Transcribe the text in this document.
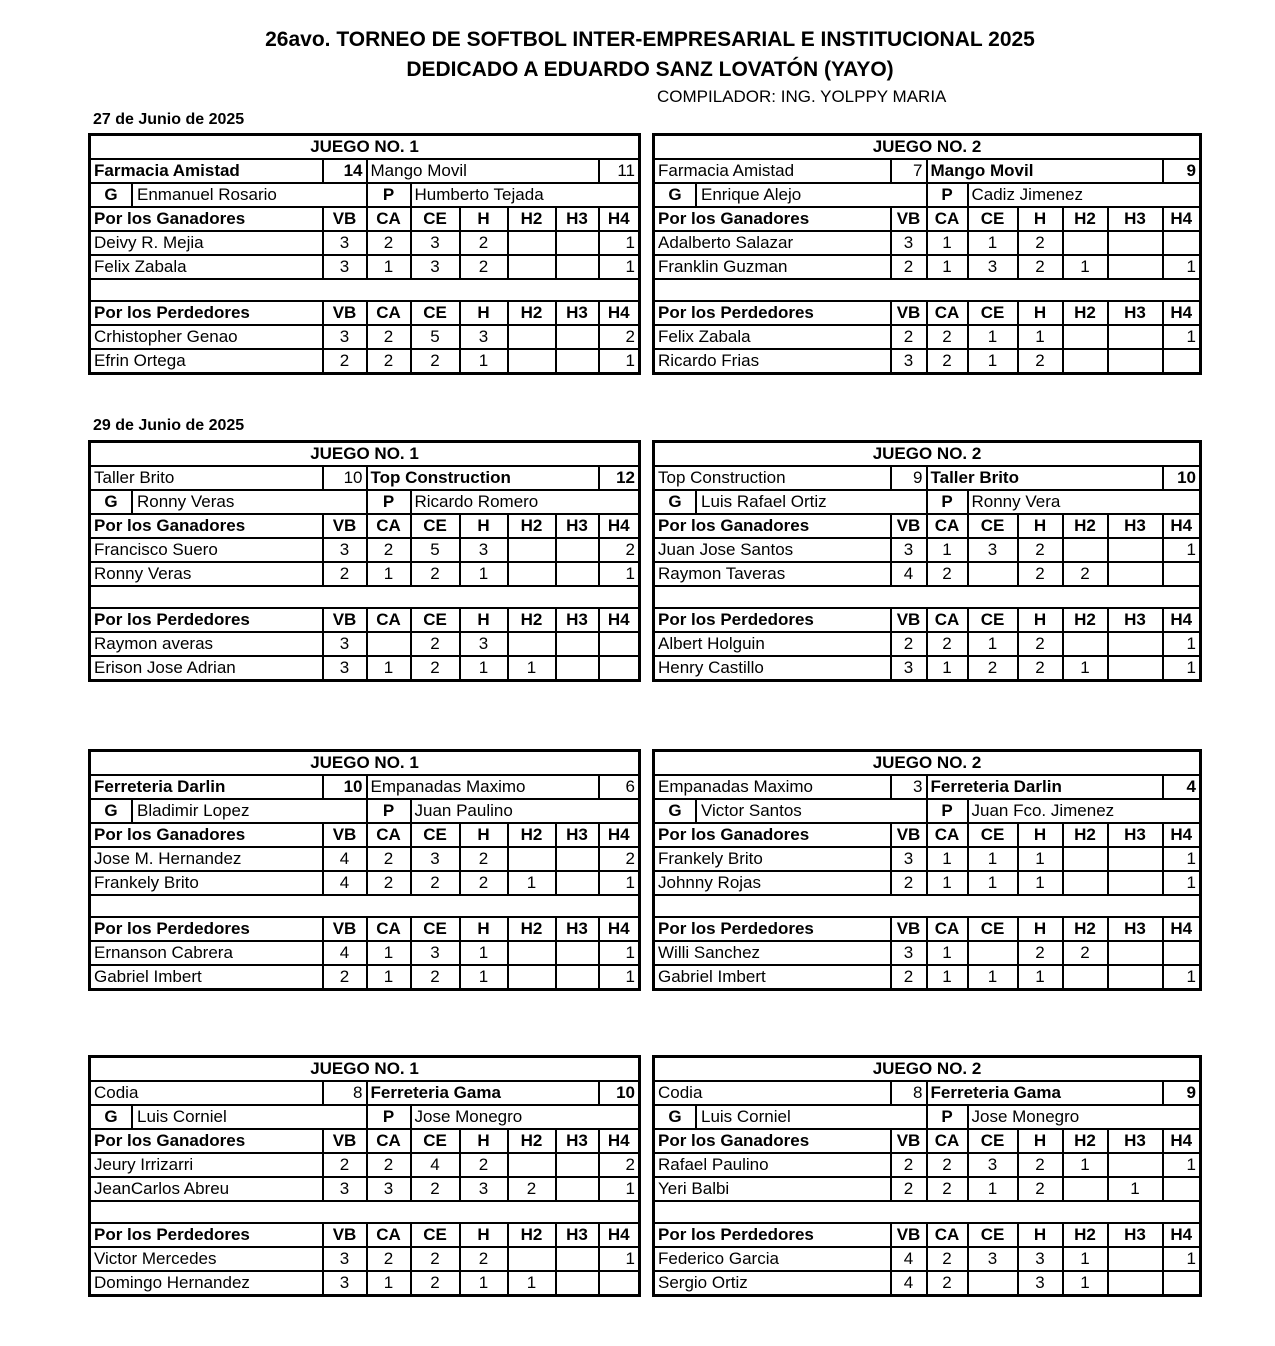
26avo. TORNEO DE SOFTBOL INTER-EMPRESARIAL E INSTITUCIONAL 2025
DEDICADO A EDUARDO SANZ LOVATÓN (YAYO)
COMPILADOR: ING. YOLPPY MARIA
27 de Junio de 2025
29 de Junio de 2025
JUEGO NO. 1							
Farmacia Amistad	14	Mango Movil					11

G Enmanuel Rosario		P	Humberto Tejada				
Por los Ganadores	VB	CA	CE	H	H2	H3	H4
Deivy R. Mejia	3	2	3	2			1
Felix Zabala	3	1	3	2			1

Por los Perdedores	VB	CA	CE	H	H2	H3	H4
Crhistopher Genao	3	2	5	3			2
Efrin Ortega	2	2	2	1			1
JUEGO NO. 2							
Farmacia Amistad	7	Mango Movil					9

G Enrique Alejo		P	Cadiz Jimenez				
Por los Ganadores	VB	CA	CE	H	H2	H3	H4
Adalberto Salazar	3	1	1	2			
Franklin Guzman	2	1	3	2	1		1

Por los Perdedores	VB	CA	CE	H	H2	H3	H4
Felix Zabala	2	2	1	1			1
Ricardo Frias	3	2	1	2			
JUEGO NO. 1							
Taller Brito	10	Top Construction					12

G Ronny Veras		P	Ricardo Romero				
Por los Ganadores	VB	CA	CE	H	H2	H3	H4
Francisco Suero	3	2	5	3			2
Ronny Veras	2	1	2	1			1

Por los Perdedores	VB	CA	CE	H	H2	H3	H4
Raymon averas	3		2	3			
Erison Jose Adrian	3	1	2	1	1		
JUEGO NO. 2							
Top Construction	9	Taller Brito					10

G Luis Rafael Ortiz		P	Ronny Vera				
Por los Ganadores	VB	CA	CE	H	H2	H3	H4
Juan Jose Santos	3	1	3	2			1
Raymon Taveras	4	2		2	2		

Por los Perdedores	VB	CA	CE	H	H2	H3	H4
Albert Holguin	2	2	1	2			1
Henry Castillo	3	1	2	2	1		1
JUEGO NO. 1							
Ferreteria Darlin	10	Empanadas Maximo					6

G Bladimir Lopez		P	Juan Paulino				
Por los Ganadores	VB	CA	CE	H	H2	H3	H4
Jose M. Hernandez	4	2	3	2			2
Frankely Brito	4	2	2	2	1		1

Por los Perdedores	VB	CA	CE	H	H2	H3	H4
Ernanson Cabrera	4	1	3	1			1
Gabriel Imbert	2	1	2	1			1
JUEGO NO. 2							
Empanadas Maximo	3	Ferreteria Darlin					4

G Victor Santos		P	Juan Fco. Jimenez				
Por los Ganadores	VB	CA	CE	H	H2	H3	H4
Frankely Brito	3	1	1	1			1
Johnny Rojas	2	1	1	1			1

Por los Perdedores	VB	CA	CE	H	H2	H3	H4
Willi Sanchez	3	1		2	2		
Gabriel Imbert	2	1	1	1			1
JUEGO NO. 1							
Codia	8	Ferreteria Gama					10

G Luis Corniel		P	Jose Monegro				
Por los Ganadores	VB	CA	CE	H	H2	H3	H4
Jeury Irrizarri	2	2	4	2			2
JeanCarlos Abreu	3	3	2	3	2		1

Por los Perdedores	VB	CA	CE	H	H2	H3	H4
Victor Mercedes	3	2	2	2			1
Domingo Hernandez	3	1	2	1	1		
JUEGO NO. 2							
Codia	8	Ferreteria Gama					9

G Luis Corniel		P	Jose Monegro				
Por los Ganadores	VB	CA	CE	H	H2	H3	H4
Rafael Paulino	2	2	3	2	1		1
Yeri Balbi	2	2	1	2		1	

Por los Perdedores	VB	CA	CE	H	H2	H3	H4
Federico Garcia	4	2	3	3	1		1
Sergio Ortiz	4	2		3	1		
